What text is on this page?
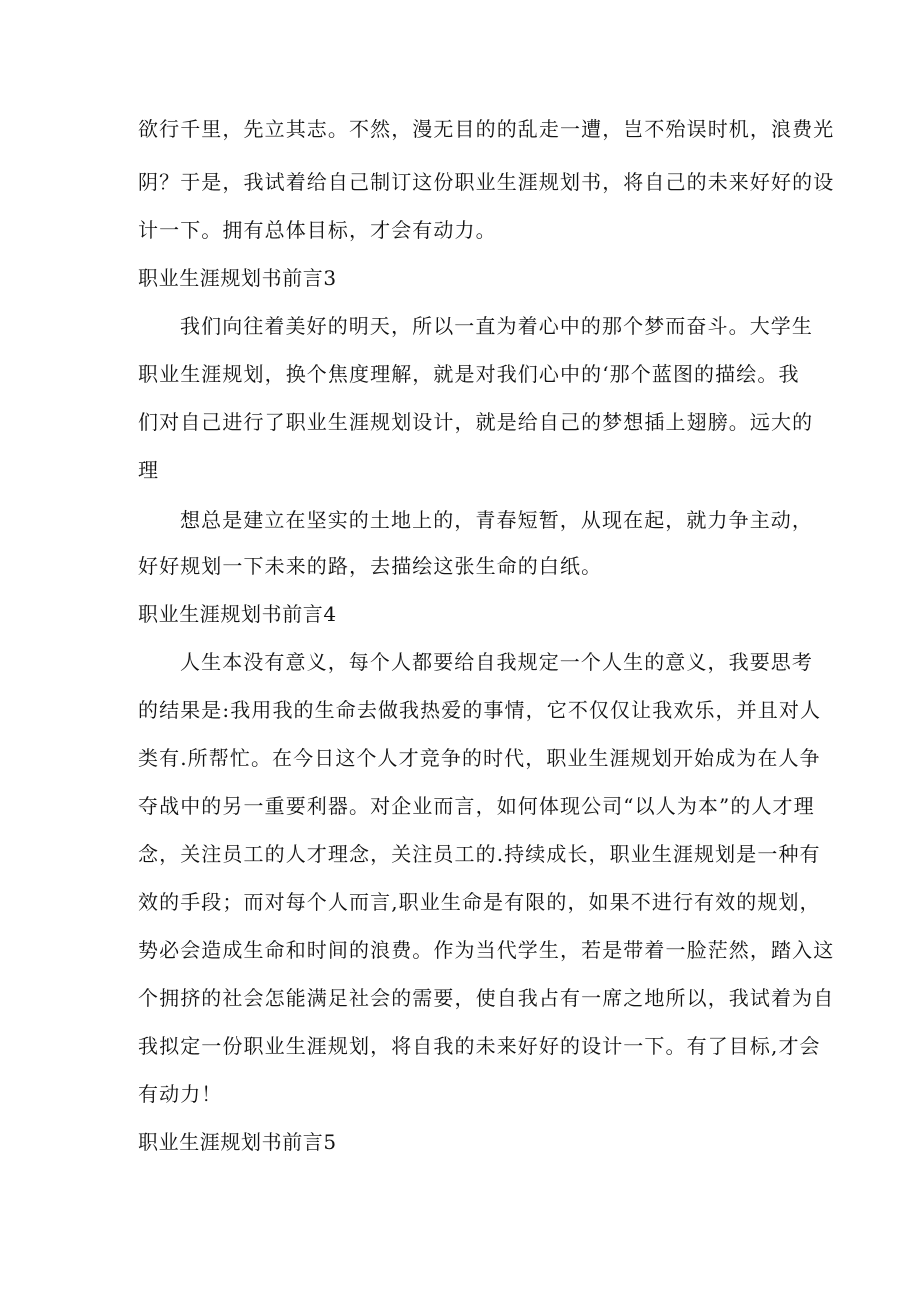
欲行千里，先立其志。不然，漫无目的的乱走一遭，岂不殆误时机，浪费光
阴？于是，我试着给自己制订这份职业生涯规划书，将自己的未来好好的设
计一下。拥有总体目标，才会有动力。
职业生涯规划书前言3
我们向往着美好的明天，所以一直为着心中的那个梦而奋斗。大学生
职业生涯规划，换个焦度理解，就是对我们心中的‘那个蓝图的描绘。我
们对自己进行了职业生涯规划设计，就是给自己的梦想插上翅膀。远大的
理
想总是建立在坚实的土地上的，青春短暂，从现在起，就力争主动，
好好规划一下未来的路，去描绘这张生命的白纸。
职业生涯规划书前言4
人生本没有意义，每个人都要给自我规定一个人生的意义，我要思考
的结果是:我用我的生命去做我热爱的事情，它不仅仅让我欢乐，并且对人
类有.所帮忙。在今日这个人才竞争的时代，职业生涯规划开始成为在人争
夺战中的另一重要利器。对企业而言，如何体现公司“以人为本”的人才理
念，关注员工的人才理念，关注员工的.持续成长，职业生涯规划是一种有
效的手段；而对每个人而言,职业生命是有限的，如果不进行有效的规划，
势必会造成生命和时间的浪费。作为当代学生，若是带着一脸茫然，踏入这
个拥挤的社会怎能满足社会的需要，使自我占有一席之地所以，我试着为自
我拟定一份职业生涯规划，将自我的未来好好的设计一下。有了目标,才会
有动力！
职业生涯规划书前言5
